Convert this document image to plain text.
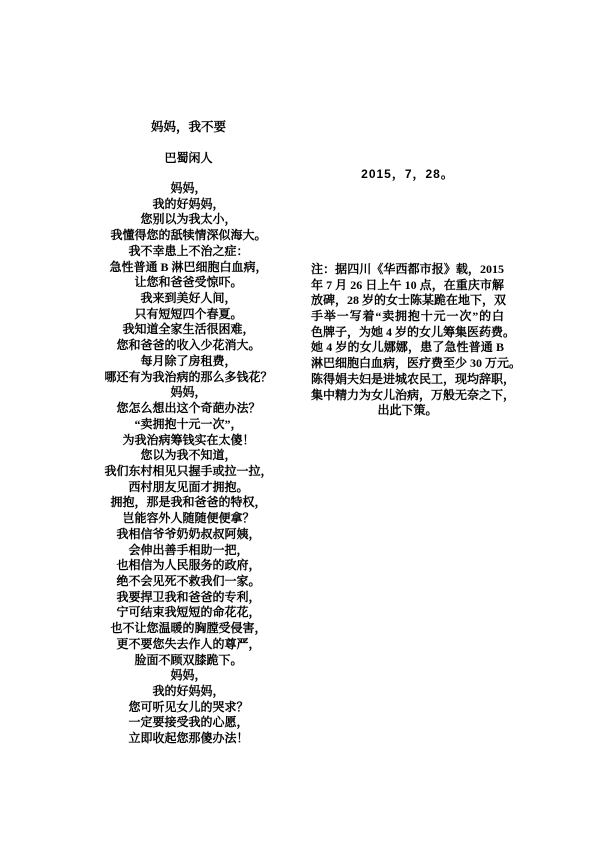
妈妈，我不要
巴蜀闲人
妈妈，
我的好妈妈，
您别以为我太小，
我懂得您的舐犊情深似海大。
我不幸患上不治之症：
急性普通 B 淋巴细胞白血病，
让您和爸爸受惊吓。
我来到美好人间，
只有短短四个春夏。
我知道全家生活很困难，
您和爸爸的收入少花消大。
每月除了房租费，
哪还有为我治病的那么多钱花？
妈妈，
您怎么想出这个奇葩办法？
“卖拥抱十元一次”，
为我治病筹钱实在太傻！
您以为我不知道，
我们东村相见只握手或拉一拉，
西村朋友见面才拥抱。
拥抱，那是我和爸爸的特权，
岂能容外人随随便便拿？
我相信爷爷奶奶叔叔阿姨，
会伸出善手相助一把，
也相信为人民服务的政府，
绝不会见死不救我们一家。
我要捍卫我和爸爸的专利，
宁可结束我短短的命花花，
也不让您温暖的胸膛受侵害，
更不要您失去作人的尊严，
脸面不顾双膝跪下。
妈妈，
我的好妈妈，
您可听见女儿的哭求？
一定要接受我的心愿，
立即收起您那傻办法！
2015，7，28。
注：据四川《华西都市报》载，2015
年 7 月 26 日上午 10 点，在重庆市解
放碑，28 岁的女士陈某跪在地下，双
手举一写着“卖拥抱十元一次”的白
色牌子，为她 4 岁的女儿筹集医药费。
她 4 岁的女儿娜娜，患了急性普通 B
淋巴细胞白血病，医疗费至少 30 万元。
陈得娟夫妇是进城农民工，现均辞职，
集中精力为女儿治病，万般无奈之下，
出此下策。
